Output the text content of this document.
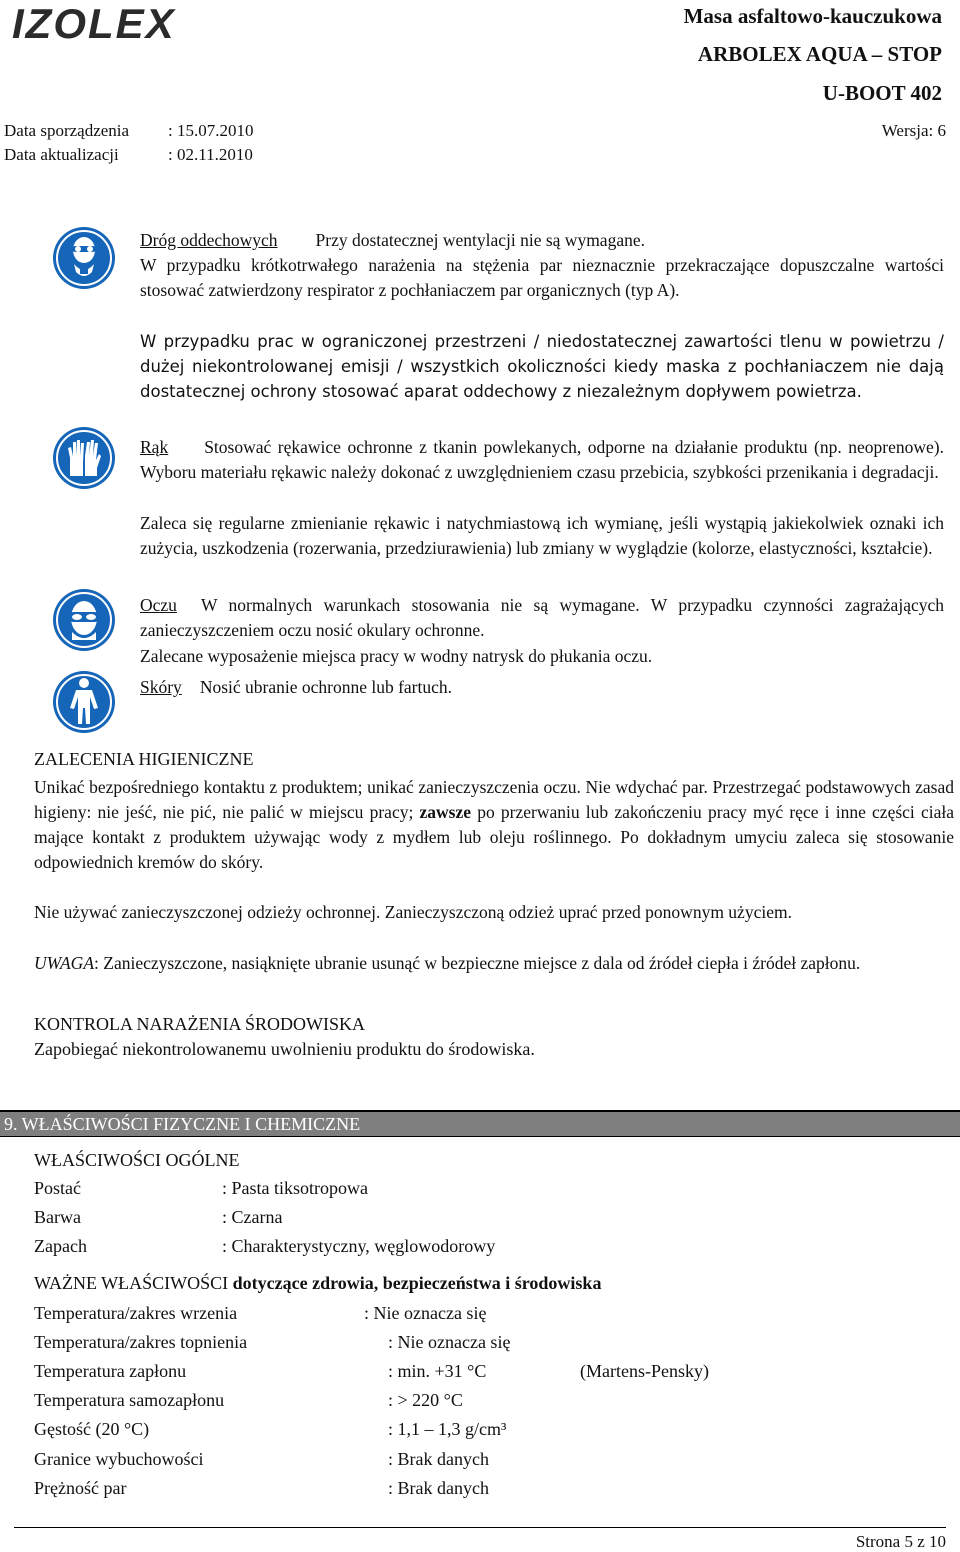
IZOLEX	Masa asfaltowo-kauczukowa
ARBOLEX AQUA – STOP
U-BOOT 402
Data sporządzenia : 15.07.2010	Wersja: 6
Data aktualizacji	: 02.11.2010
Dróg oddechowych Przy dostatecznej wentylacji nie są wymagane.
W przypadku krótkotrwałego narażenia na stężenia par nieznacznie przekraczające dopuszczalne wartości stosować zatwierdzony respirator z pochłaniaczem par organicznych (typ A).
W przypadku prac w ograniczonej przestrzeni / niedostatecznej zawartości tlenu w powietrzu / dużej niekontrolowanej emisji / wszystkich okoliczności kiedy maska z pochłaniaczem nie dają dostatecznej ochrony stosować aparat oddechowy z niezależnym dopływem powietrza.
Rąk Stosować rękawice ochronne z tkanin powlekanych, odporne na działanie produktu (np. neoprenowe). Wyboru materiału rękawic należy dokonać z uwzględnieniem czasu przebicia, szybkości przenikania i degradacji.
Zaleca się regularne zmienianie rękawic i natychmiastową ich wymianę, jeśli wystąpią jakiekolwiek oznaki ich zużycia, uszkodzenia (rozerwania, przedziurawienia) lub zmiany w wyglądzie (kolorze, elastyczności, kształcie).
Oczu W normalnych warunkach stosowania nie są wymagane. W przypadku czynności zagrażających zanieczyszczeniem oczu nosić okulary ochronne.
Zalecane wyposażenie miejsca pracy w wodny natrysk do płukania oczu.
Skóry Nosić ubranie ochronne lub fartuch.
ZALECENIA HIGIENICZNE
Unikać bezpośredniego kontaktu z produktem; unikać zanieczyszczenia oczu. Nie wdychać par. Przestrzegać podstawowych zasad higieny: nie jeść, nie pić, nie palić w miejscu pracy; zawsze po przerwaniu lub zakończeniu pracy myć ręce i inne części ciała mające kontakt z produktem używając wody z mydłem lub oleju roślinnego. Po dokładnym umyciu zaleca się stosowanie odpowiednich kremów do skóry.
Nie używać zanieczyszczonej odzieży ochronnej. Zanieczyszczoną odzież uprać przed ponownym użyciem.
UWAGA: Zanieczyszczone, nasiąknięte ubranie usunąć w bezpieczne miejsce z dala od źródeł ciepła i źródeł zapłonu.
KONTROLA NARAŻENIA ŚRODOWISKA
Zapobiegać niekontrolowanemu uwolnieniu produktu do środowiska.
9. WŁAŚCIWOŚCI FIZYCZNE I CHEMICZNE
WŁAŚCIWOŚCI OGÓLNE
Postać	: Pasta tiksotropowa
Barwa	: Czarna
Zapach	: Charakterystyczny, węglowodorowy
WAŻNE WŁAŚCIWOŚCI dotyczące zdrowia, bezpieczeństwa i środowiska
Temperatura/zakres wrzenia	: Nie oznacza się
Temperatura/zakres topnienia	: Nie oznacza się
Temperatura zapłonu	: min. +31 °C	(Martens-Pensky)
Temperatura samozapłonu	: > 220 °C
Gęstość (20 °C)	: 1,1 – 1,3 g/cm³
Granice wybuchowości	: Brak danych
Prężność par	: Brak danych
Strona 5 z 10
